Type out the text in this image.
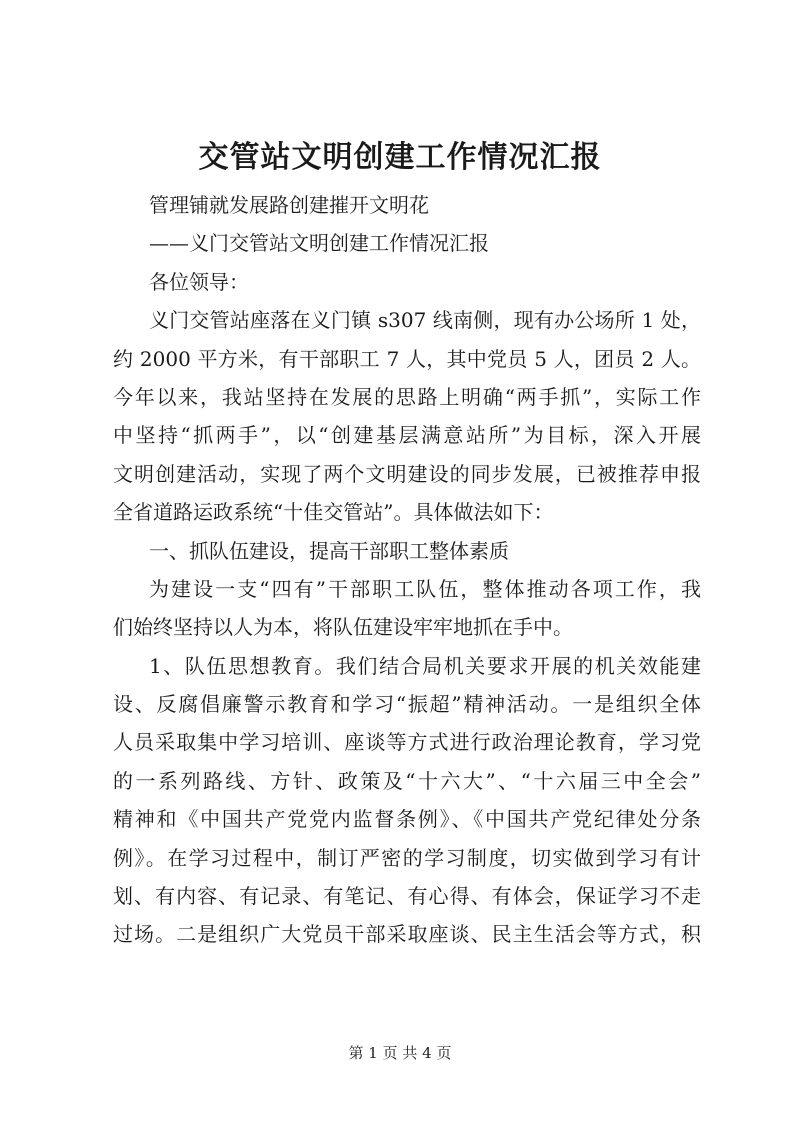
交管站文明创建工作情况汇报
管理铺就发展路创建摧开文明花
——义门交管站文明创建工作情况汇报
各位领导：
义门交管站座落在义门镇 s307 线南侧，现有办公场所 1 处，
约 2000 平方米，有干部职工 7 人，其中党员 5 人，团员 2 人。
今年以来，我站坚持在发展的思路上明确“两手抓”，实际工作
中坚持“抓两手”，以“创建基层满意站所”为目标，深入开展
文明创建活动，实现了两个文明建设的同步发展，已被推荐申报
全省道路运政系统“十佳交管站”。具体做法如下：
一、抓队伍建设，提高干部职工整体素质
为建设一支“四有”干部职工队伍，整体推动各项工作，我
们始终坚持以人为本，将队伍建设牢牢地抓在手中。
1、队伍思想教育。我们结合局机关要求开展的机关效能建
设、反腐倡廉警示教育和学习“振超”精神活动。一是组织全体
人员采取集中学习培训、座谈等方式进行政治理论教育，学习党
的一系列路线、方针、政策及“十六大”、“十六届三中全会”
精神和《中国共产党党内监督条例》、《中国共产党纪律处分条
例》。在学习过程中，制订严密的学习制度，切实做到学习有计
划、有内容、有记录、有笔记、有心得、有体会，保证学习不走
过场。二是组织广大党员干部采取座谈、民主生活会等方式，积
第 1 页 共 4 页
